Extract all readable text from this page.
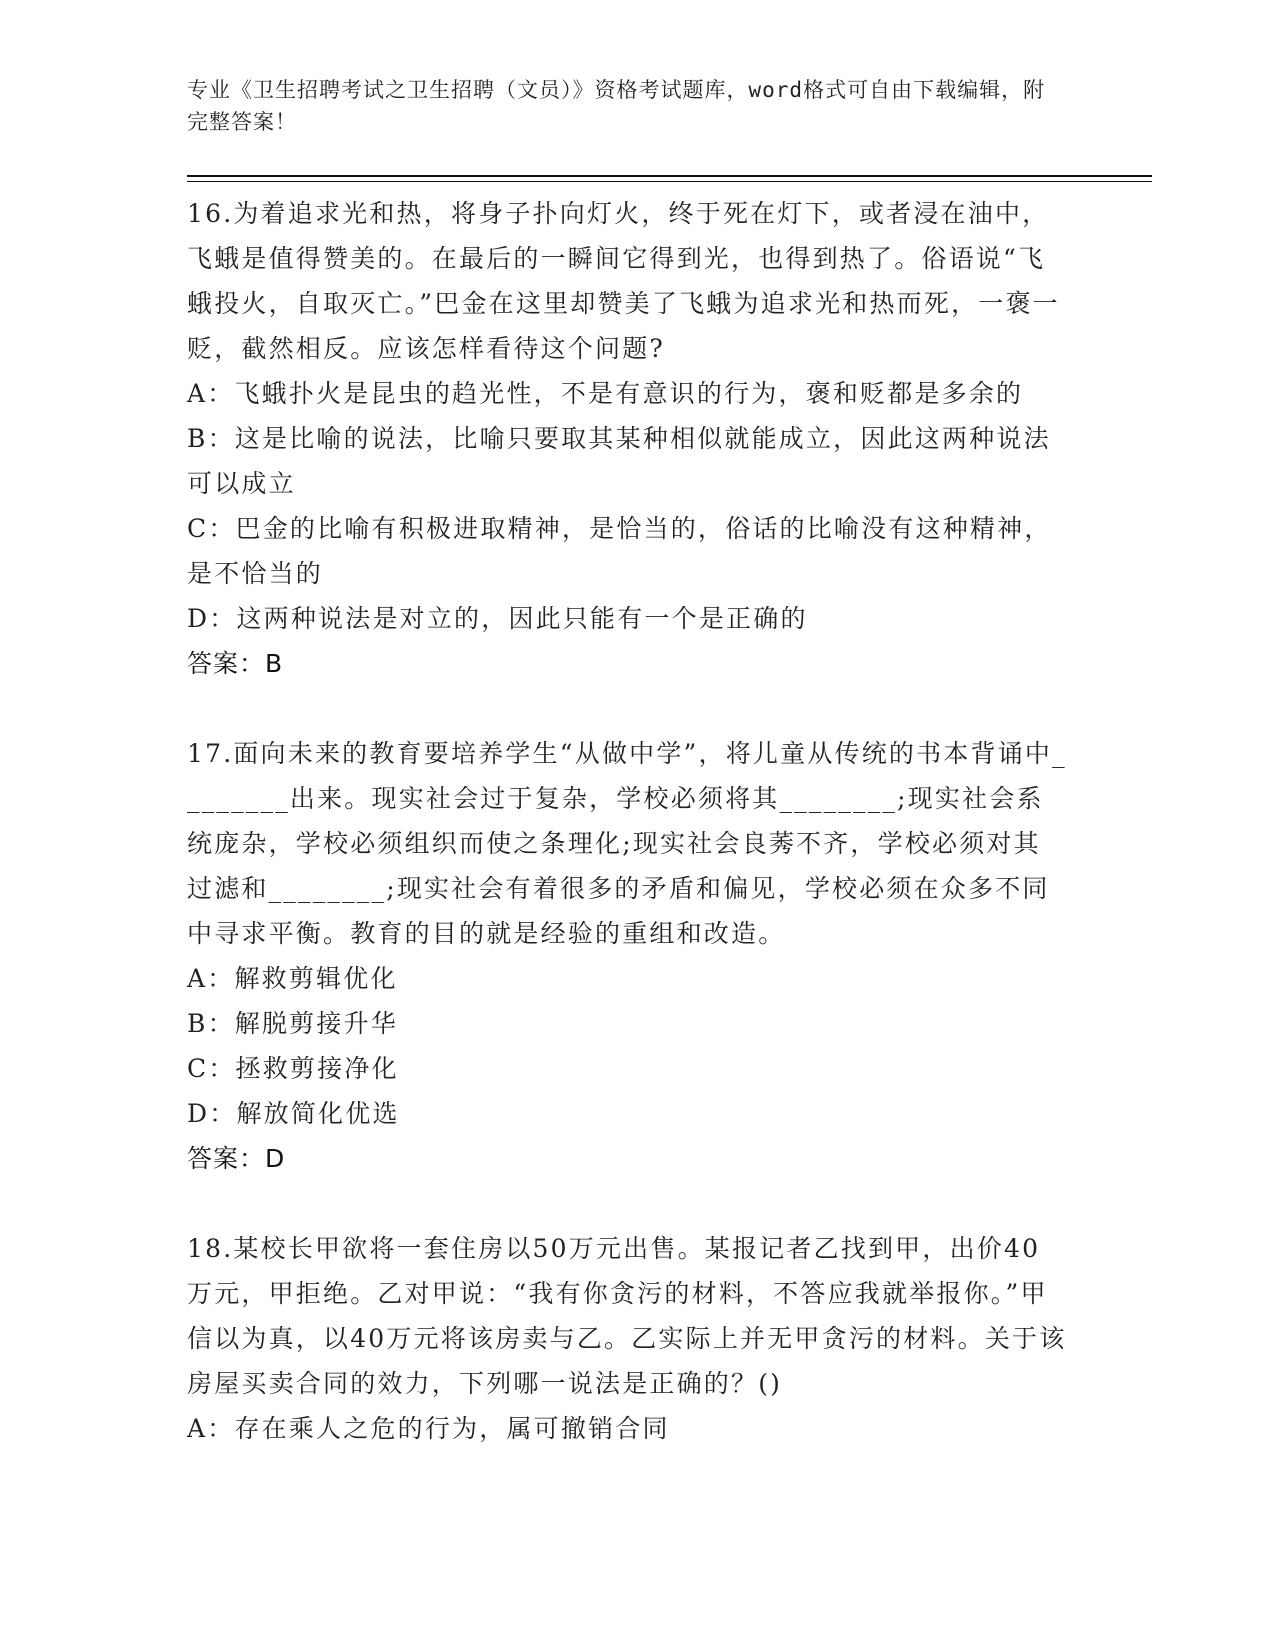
专业《卫生招聘考试之卫生招聘（文员）》资格考试题库，word格式可自由下载编辑，附完整答案！

16.为着追求光和热，将身子扑向灯火，终于死在灯下，或者浸在油中，飞蛾是值得赞美的。在最后的一瞬间它得到光，也得到热了。俗语说“飞蛾投火，自取灭亡。”巴金在这里却赞美了飞蛾为追求光和热而死，一褒一贬，截然相反。应该怎样看待这个问题?

A：飞蛾扑火是昆虫的趋光性，不是有意识的行为，褒和贬都是多余的

B：这是比喻的说法，比喻只要取其某种相似就能成立，因此这两种说法可以成立

C：巴金的比喻有积极进取精神，是恰当的，俗话的比喻没有这种精神，是不恰当的

D：这两种说法是对立的，因此只能有一个是正确的

答案：B

17.面向未来的教育要培养学生“从做中学”，将儿童从传统的书本背诵中________出来。现实社会过于复杂，学校必须将其________;现实社会系统庞杂，学校必须组织而使之条理化;现实社会良莠不齐，学校必须对其过滤和________;现实社会有着很多的矛盾和偏见，学校必须在众多不同中寻求平衡。教育的目的就是经验的重组和改造。

A：解救剪辑优化

B：解脱剪接升华

C：拯救剪接净化

D：解放简化优选

答案：D

18.某校长甲欲将一套住房以50万元出售。某报记者乙找到甲，出价40万元，甲拒绝。乙对甲说：“我有你贪污的材料，不答应我就举报你。”甲信以为真，以40万元将该房卖与乙。乙实际上并无甲贪污的材料。关于该房屋买卖合同的效力，下列哪一说法是正确的？()

A：存在乘人之危的行为，属可撤销合同
